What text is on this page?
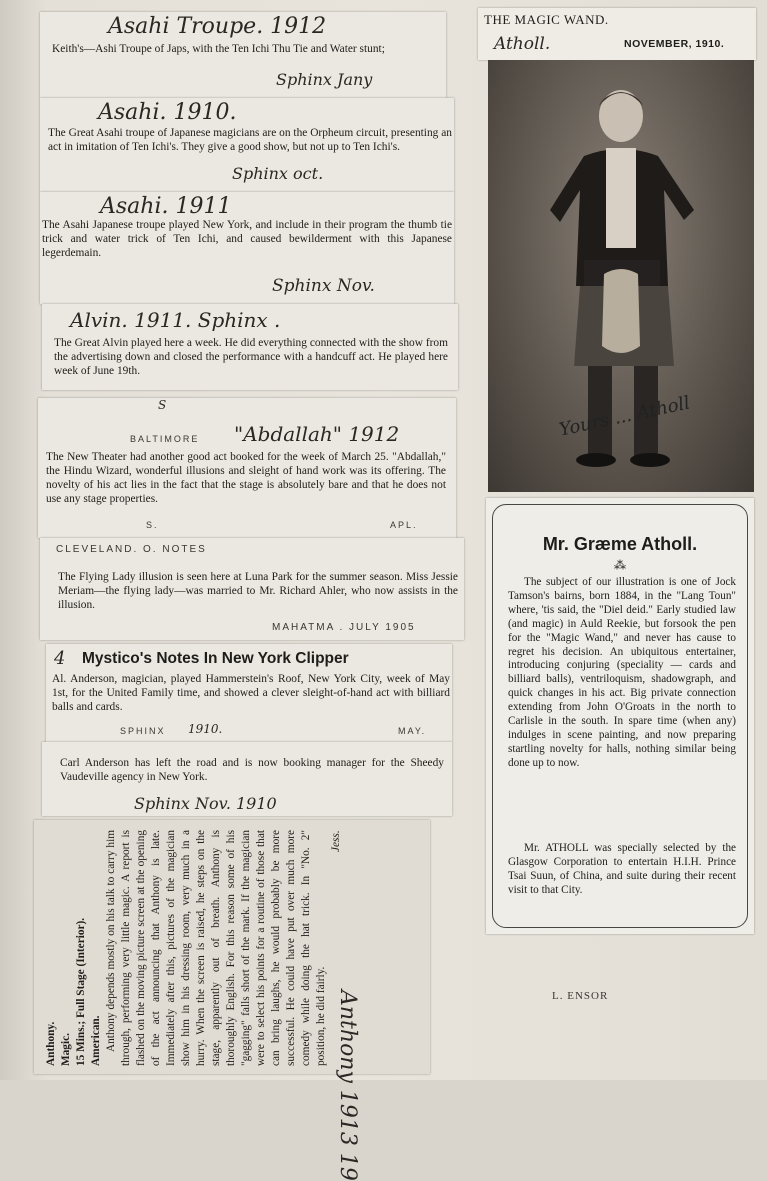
Asahi Troupe. 1912
Keith's—Ashi Troupe of Japs, with the Ten Ichi Thu Tie and Water stunt;
Sphinx Jany
Asahi. 1910.
The Great Asahi troupe of Japanese magicians are on the Orpheum circuit, presenting an act in imitation of Ten Ichi's. They give a good show, but not up to Ten Ichi's.
Sphinx oct.
Asahi. 1911
The Asahi Japanese troupe played New York, and include in their program the thumb tie trick and water trick of Ten Ichi, and caused bewilderment with this Japanese legerdemain.
Sphinx Nov.
Alvin. 1911. Sphinx .
The Great Alvin played here a week. He did everything connected with the show from the advertising down and closed the performance with a handcuff act. He played here week of June 19th.
S
BALTIMORE "Abdallah" 1912
The New Theater had another good act booked for the week of March 25. "Abdallah," the Hindu Wizard, wonderful illusions and sleight of hand work was its offering. The novelty of his act lies in the fact that the stage is absolutely bare and that he does not use any stage properties.
S.	APL.
CLEVELAND. O. NOTES
The Flying Lady illusion is seen here at Luna Park for the summer season. Miss Jessie Meriam—the flying lady—was married to Mr. Richard Ahler, who now assists in the illusion.
MAHATMA . JULY 1905
4 Mystico's Notes In New York Clipper
Al. Anderson, magician, played Hammerstein's Roof, New York City, week of May 1st, for the United Family time, and showed a clever sleight-of-hand act with billiard balls and cards.
SPHINX 1910.	MAY.
Carl Anderson has left the road and is now booking manager for the Sheedy Vaudeville agency in New York.
Sphinx Nov. 1910
Anthony. Magic. 15 Mins.; Full Stage (Interior). American. Anthony depends mostly on his talk to carry him through, performing very little magic. A report is flashed on the moving picture screen at the opening of the act announcing that Anthony is late. Immediately after this, pictures of the magician show him in his dressing room, very much in a hurry. When the screen is raised, he steps on the stage, apparently out of breath. Anthony is thoroughly English. For this reason some of his "gagging" falls short of the mark. If the magician were to select his points for a routine of those that can bring laughs, he would probably be more successful. He could have put over much more comedy while doing the hat trick. In "No. 2" position, he did fairly.
Jess.
Anthony 1913 19
THE MAGIC WAND.
Atholl.	NOVEMBER, 1910.
Yours ... Atholl
Mr. Græme Atholl.
⁂
The subject of our illustration is one of Jock Tamson's bairns, born 1884, in the "Lang Toun" where, 'tis said, the "Diel deid." Early studied law (and magic) in Auld Reekie, but forsook the pen for the "Magic Wand," and never has cause to regret his decision. An ubiquitous entertainer, introducing conjuring (speciality — cards and billiard balls), ventriloquism, shadowgraph, and quick changes in his act. Big private connection extending from John O'Groats in the north to Carlisle in the south. In spare time (when any) indulges in scene painting, and now preparing startling novelty for halls, nothing similar being done up to now.
Mr. ATHOLL was specially selected by the Glasgow Corporation to entertain H.I.H. Prince Tsai Suun, of China, and suite during their recent visit to that City.
L. ENSOR
